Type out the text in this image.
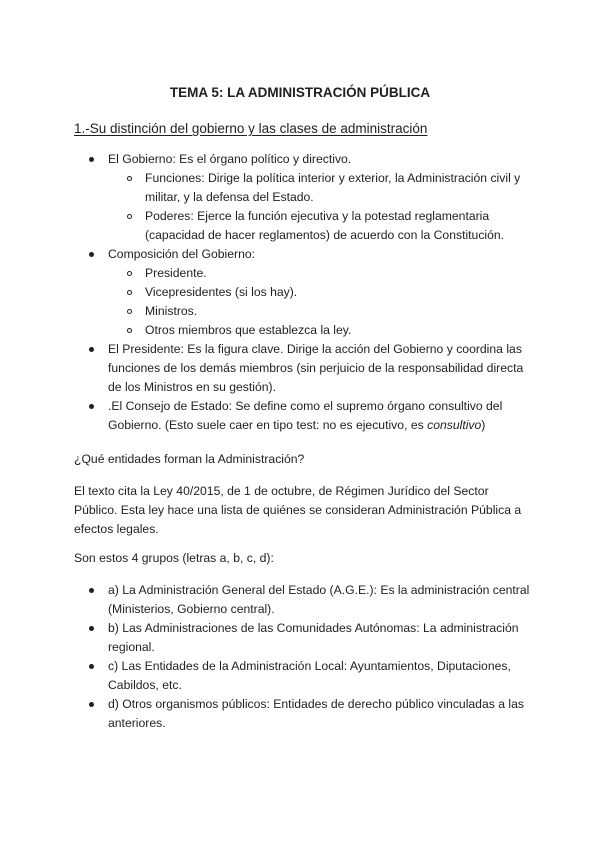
TEMA 5: LA ADMINISTRACIÓN PÚBLICA
1.-Su distinción del gobierno y las clases de administración
El Gobierno: Es el órgano político y directivo.
Funciones: Dirige la política interior y exterior, la Administración civil y
militar, y la defensa del Estado.
Poderes: Ejerce la función ejecutiva y la potestad reglamentaria
(capacidad de hacer reglamentos) de acuerdo con la Constitución.
Composición del Gobierno:
Presidente.
Vicepresidentes (si los hay).
Ministros.
Otros miembros que establezca la ley.
El Presidente: Es la figura clave. Dirige la acción del Gobierno y coordina las
funciones de los demás miembros (sin perjuicio de la responsabilidad directa
de los Ministros en su gestión).
.El Consejo de Estado: Se define como el supremo órgano consultivo del
Gobierno. (Esto suele caer en tipo test: no es ejecutivo, es consultivo)
¿Qué entidades forman la Administración?
El texto cita la Ley 40/2015, de 1 de octubre, de Régimen Jurídico del Sector
Público. Esta ley hace una lista de quiénes se consideran Administración Pública a
efectos legales.
Son estos 4 grupos (letras a, b, c, d):
a) La Administración General del Estado (A.G.E.): Es la administración central
(Ministerios, Gobierno central).
b) Las Administraciones de las Comunidades Autónomas: La administración
regional.
c) Las Entidades de la Administración Local: Ayuntamientos, Diputaciones,
Cabildos, etc.
d) Otros organismos públicos: Entidades de derecho público vinculadas a las
anteriores.
